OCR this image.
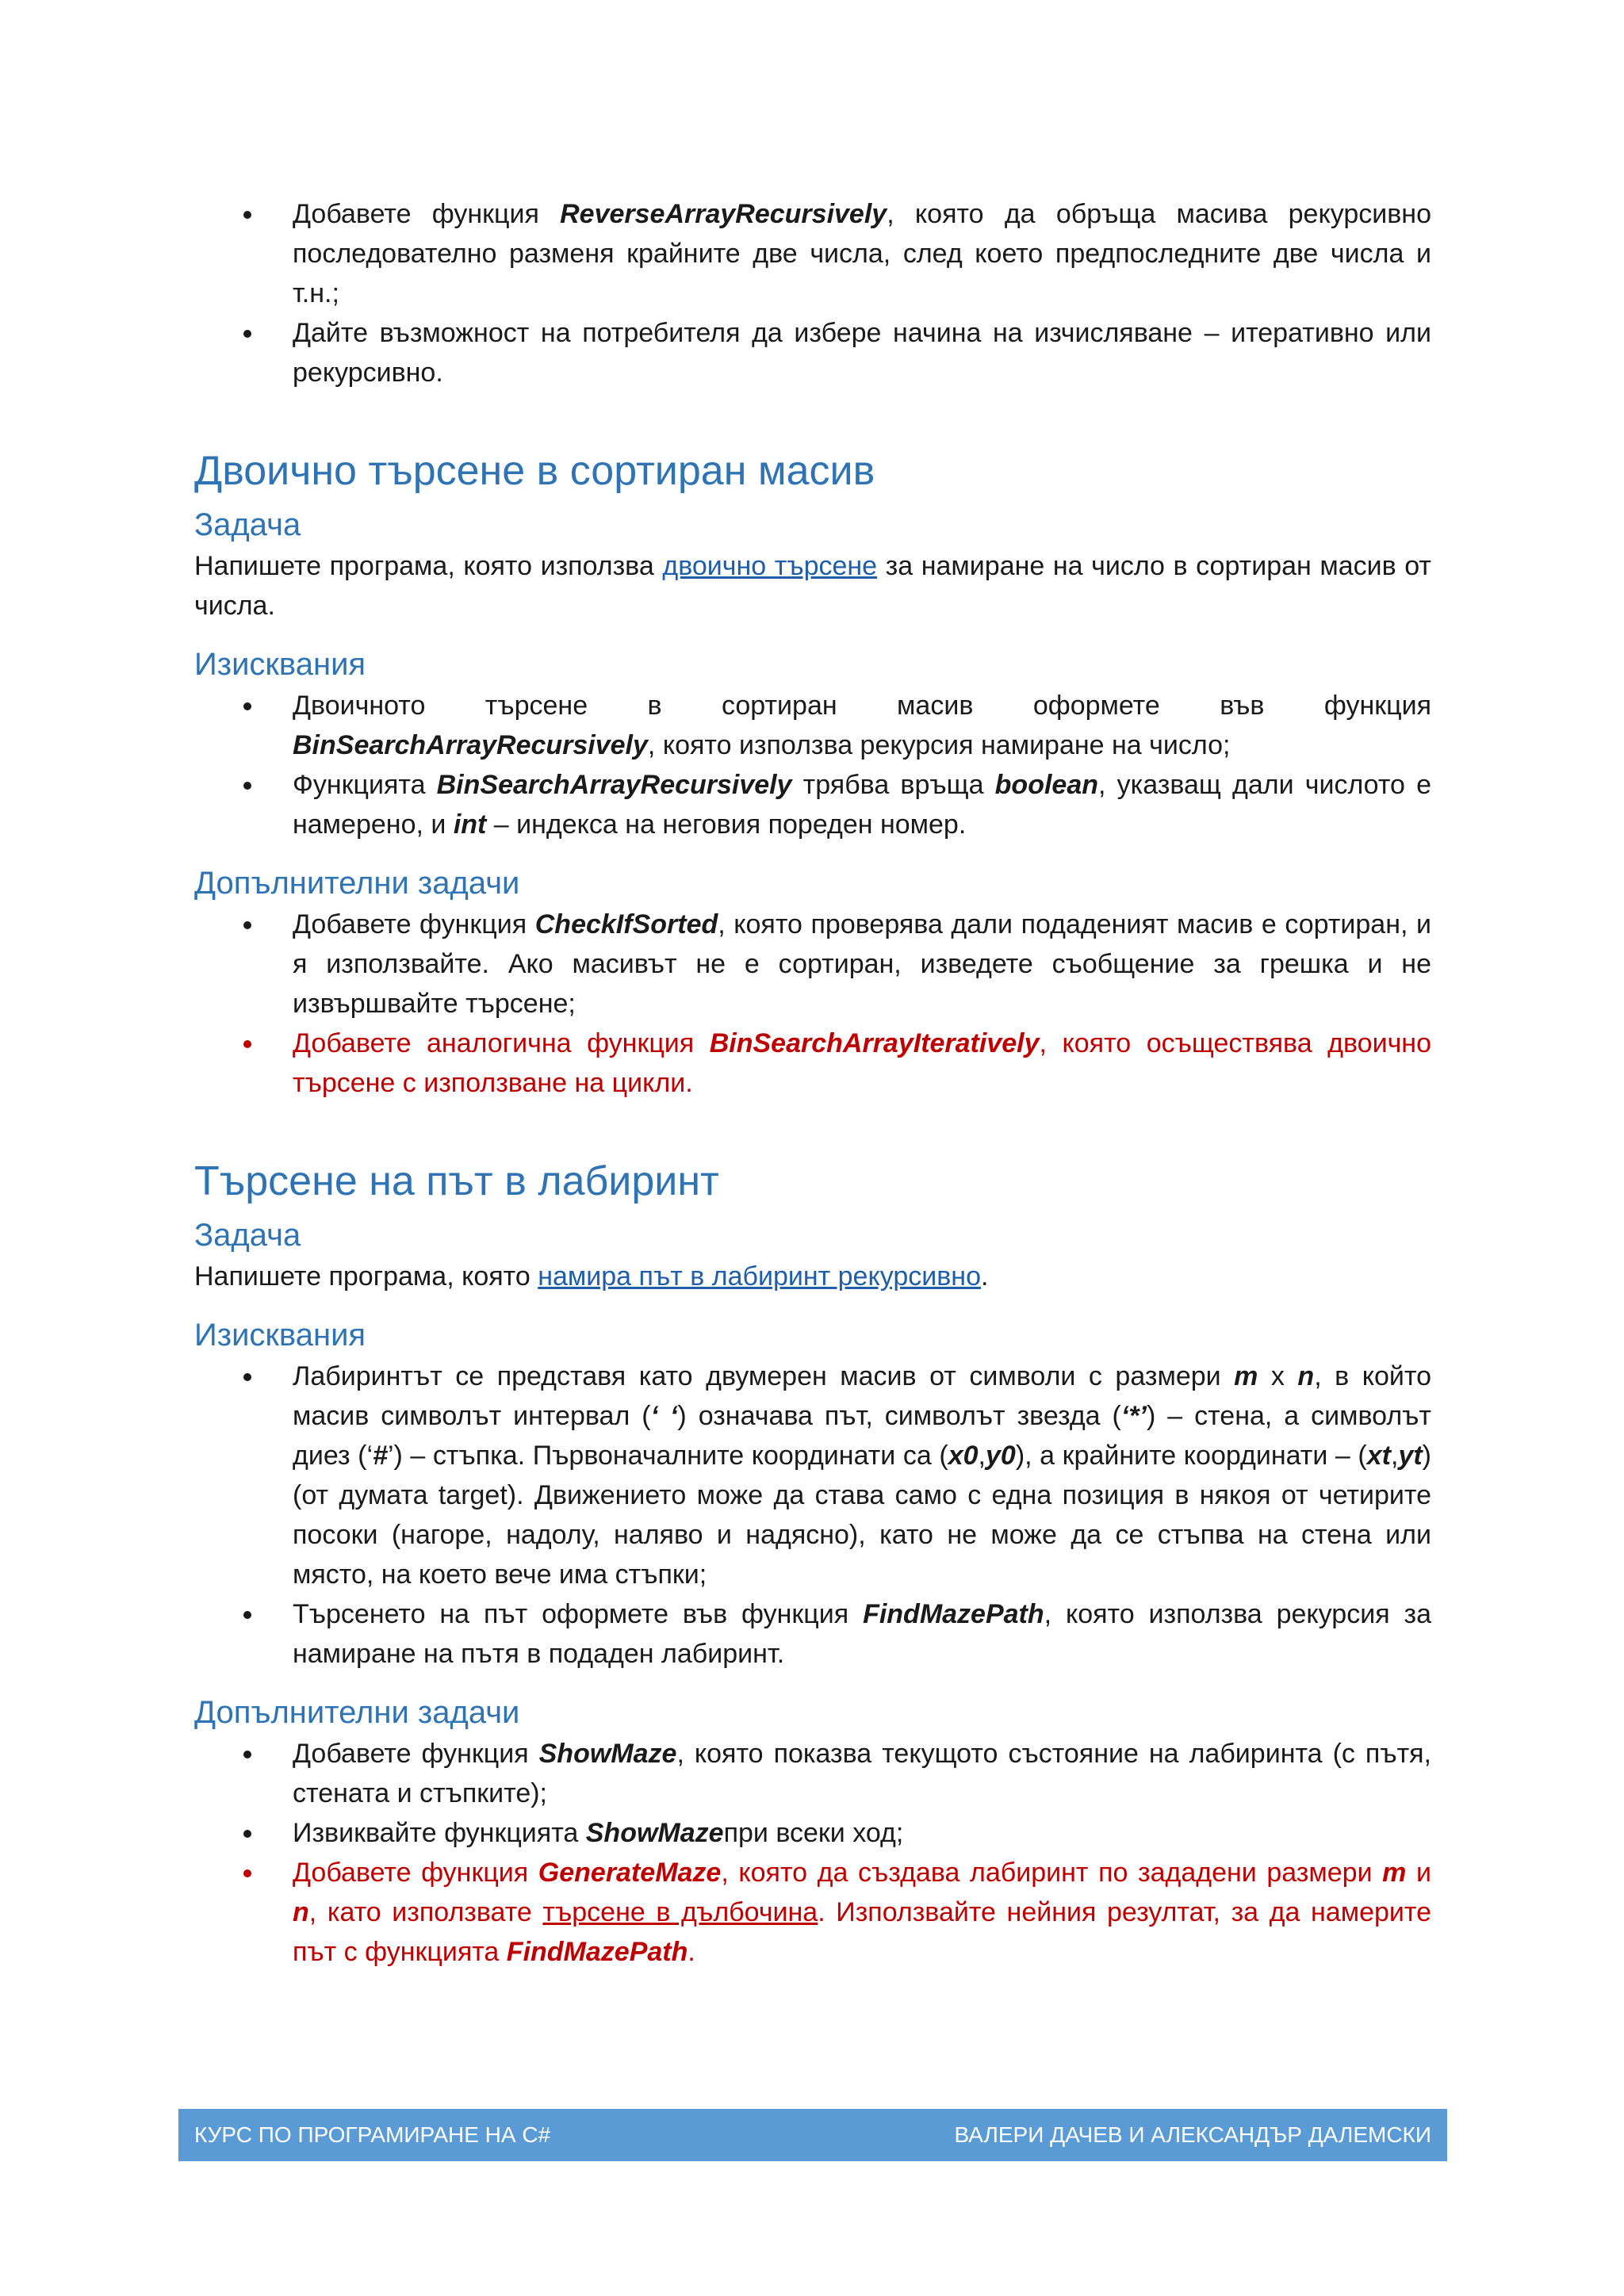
Добавете функция ReverseArrayRecursively, която да обръща масива рекурсивно последователно разменя крайните две числа, след което предпоследните две числа и т.н.;
Дайте възможност на потребителя да избере начина на изчисляване – итеративно или рекурсивно.
Двоично търсене в сортиран масив
Задача

Напишете програма, която използва двоично търсене за намиране на число в сортиран масив от числа.

Изисквания
Двоичното търсене в сортиран масив оформете във функция BinSearchArrayRecursively, която използва рекурсия намиране на число;
Функцията BinSearchArrayRecursively трябва връща boolean, указващ дали числото е намерено, и int – индекса на неговия пореден номер.
Допълнителни задачи
Добавете функция CheckIfSorted, която проверява дали подаденият масив е сортиран, и я използвайте. Ако масивът не е сортиран, изведете съобщение за грешка и не извършвайте търсене;
Добавете аналогична функция BinSearchArrayIteratively, която осъществява двоично търсене с използване на цикли.
Търсене на път в лабиринт
Задача

Напишете програма, която намира път в лабиринт рекурсивно.

Изисквания
Лабиринтът се представя като двумерен масив от символи с размери m х n, в който масив символът интервал (‘ ‘) означава път, символът звезда (‘*’) – стена, а символът диез (‘#’) – стъпка. Първоначалните координати са (x0,y0), а крайните координати – (xt,yt) (от думата target). Движението може да става само с една позиция в някоя от четирите посоки (нагоре, надолу, наляво и надясно), като не може да се стъпва на стена или място, на което вече има стъпки;
Търсенето на път оформете във функция FindMazePath, която използва рекурсия за намиране на пътя в подаден лабиринт.
Допълнителни задачи
Добавете функция ShowMaze, която показва текущото състояние на лабиринта (с пътя, стената и стъпките);
Извиквайте функцията ShowMazeпри всеки ход;
Добавете функция GenerateMaze, която да създава лабиринт по зададени размери m и n, като използвате търсене в дълбочина. Използвайте нейния резултат, за да намерите път с функцията FindMazePath.
КУРС ПО ПРОГРАМИРАНЕ НА C#	ВАЛЕРИ ДАЧЕВ И АЛЕКСАНДЪР ДАЛЕМСКИ
